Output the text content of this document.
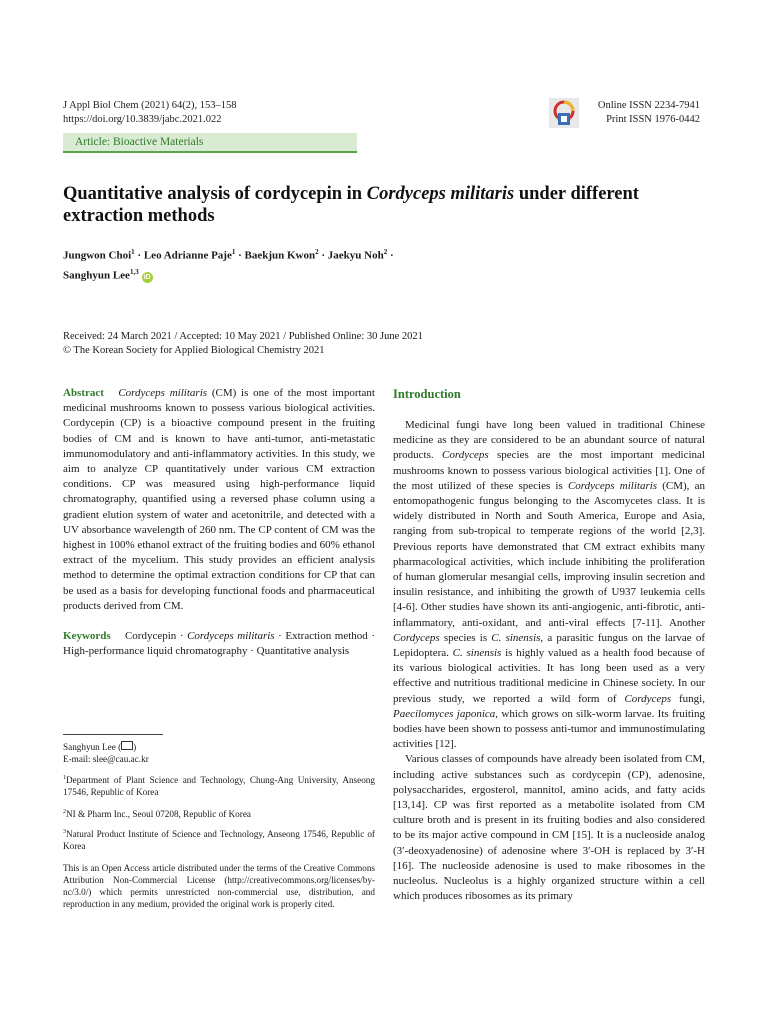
J Appl Biol Chem (2021) 64(2), 153–158
https://doi.org/10.3839/jabc.2021.022
Online ISSN 2234-7941
Print ISSN 1976-0442
Article: Bioactive Materials
Quantitative analysis of cordycepin in Cordyceps militaris under different extraction methods
Jungwon Choi$^1$ · Leo Adrianne Paje$^1$ · Baekjun Kwon$^2$ · Jaekyu Noh$^2$ ·
Sanghyun Lee$^{1,3}$iD
Received: 24 March 2021 / Accepted: 10 May 2021 / Published Online: 30 June 2021
© The Korean Society for Applied Biological Chemistry 2021

Abstract Cordyceps militaris (CM) is one of the most important medicinal mushrooms known to possess various biological activities. Cordycepin (CP) is a bioactive compound present in the fruiting bodies of CM and is known to have anti-tumor, anti-metastatic immunomodulatory and anti-inflammatory activities. In this study, we aim to analyze CP quantitatively under various CM extraction conditions. CP was measured using high-performance liquid chromatography, quantified using a reversed phase column using a gradient elution system of water and acetonitrile, and detected with a UV absorbance wavelength of 260 nm. The CP content of CM was the highest in 100% ethanol extract of the fruiting bodies and 60% ethanol extract of the mycelium. This study provides an efficient analysis method to determine the optimal extraction conditions for CP that can be used as a basis for developing functional foods and pharmaceutical products derived from CM.

Keywords Cordycepin · Cordyceps militaris · Extraction method · High-performance liquid chromatography · Quantitative analysis

Sanghyun Lee ( )
E-mail: slee@cau.ac.kr
$^1$Department of Plant Science and Technology, Chung-Ang University, Anseong 17546, Republic of Korea
$^2$NI & Pharm Inc., Seoul 07208, Republic of Korea
$^3$Natural Product Institute of Science and Technology, Anseong 17546, Republic of Korea
This is an Open Access article distributed under the terms of the Creative Commons Attribution Non-Commercial License (http://creativecommons.org/licenses/by-nc/3.0/) which permits unrestricted non-commercial use, distribution, and reproduction in any medium, provided the original work is properly cited.
Introduction

Medicinal fungi have long been valued in traditional Chinese medicine as they are considered to be an abundant source of natural products. Cordyceps species are the most important medicinal mushrooms known to possess various biological activities [1]. One of the most utilized of these species is Cordyceps militaris (CM), an entomopathogenic fungus belonging to the Ascomycetes class. It is widely distributed in North and South America, Europe and Asia, ranging from sub-tropical to temperate regions of the world [2,3]. Previous reports have demonstrated that CM extract exhibits many pharmacological activities, which include inhibiting the proliferation of human glomerular mesangial cells, improving insulin secretion and insulin resistance, and inhibiting the growth of U937 leukemia cells [4-6]. Other studies have shown its anti-angiogenic, anti-fibrotic, anti-inflammatory, anti-oxidant, and anti-viral effects [7-11]. Another Cordyceps species is C. sinensis, a parasitic fungus on the larvae of Lepidoptera. C. sinensis is highly valued as a health food because of its various biological activities. It has long been used as a very effective and nutritious traditional medicine in Chinese society. In our previous study, we reported a wild form of Cordyceps fungi, Paecilomyces japonica, which grows on silk-worm larvae. Its fruiting bodies have been shown to possess anti-tumor and immunostimulating activities [12].

Various classes of compounds have already been isolated from CM, including active substances such as cordycepin (CP), adenosine, polysaccharides, ergosterol, mannitol, amino acids, and fatty acids [13,14]. CP was first reported as a metabolite isolated from CM culture broth and is present in its fruiting bodies and also considered to be its major active compound in CM [15]. It is a nucleoside analog (3′-deoxyadenosine) of adenosine where 3′-OH is replaced by 3′-H [16]. The nucleoside adenosine is used to make ribosomes in the nucleolus. Nucleolus is a highly organized structure within a cell which produces ribosomes as its primary
